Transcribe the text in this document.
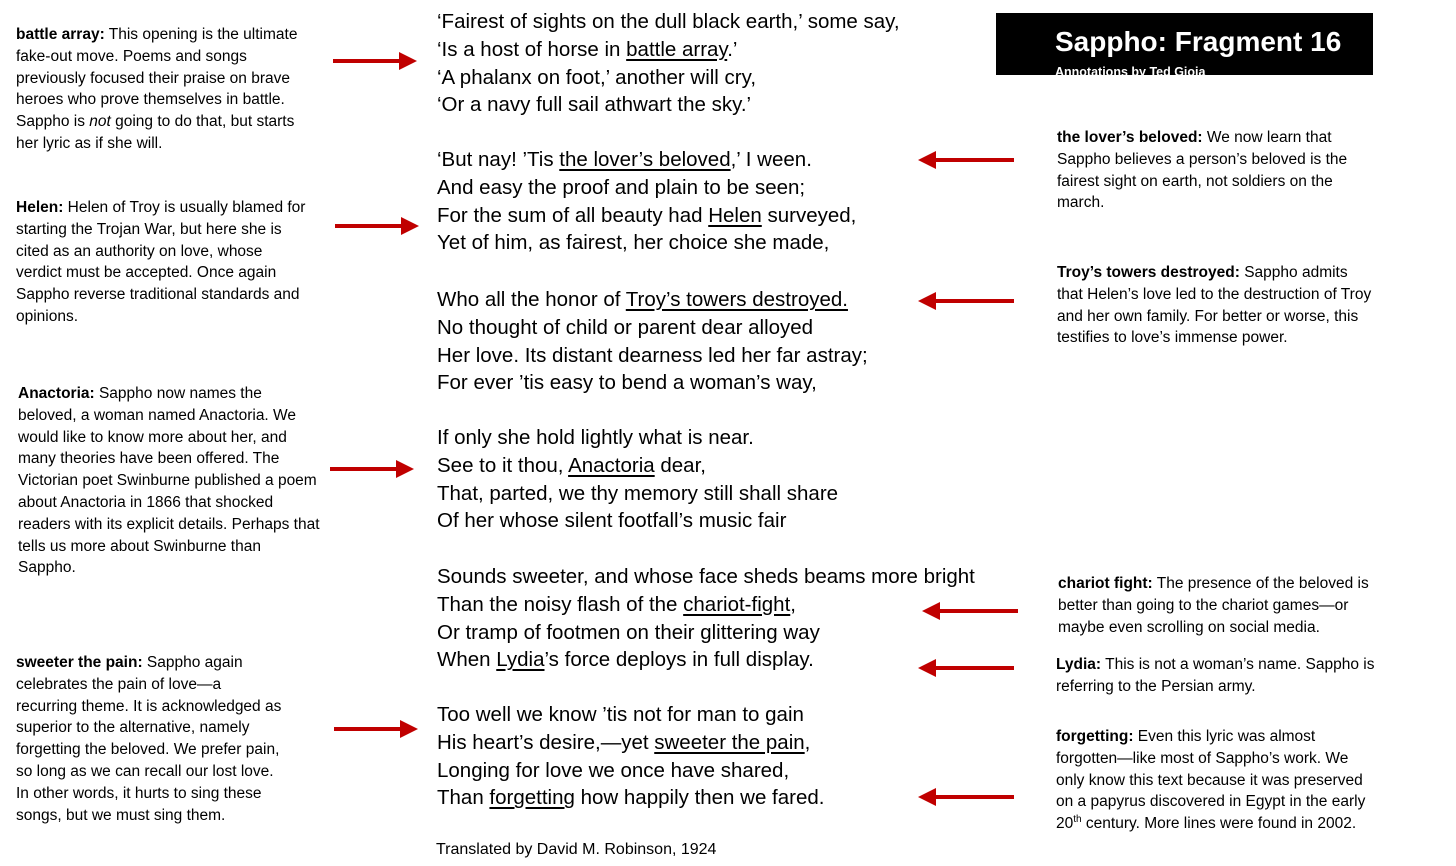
Sappho: Fragment 16
Annotations by Ted Gioia
‘Fairest of sights on the dull black earth,’ some say,
‘Is a host of horse in battle array.’
‘A phalanx on foot,’ another will cry,
‘Or a navy full sail athwart the sky.’
‘But nay! ’Tis the lover’s beloved,’ I ween.
And easy the proof and plain to be seen;
For the sum of all beauty had Helen surveyed,
Yet of him, as fairest, her choice she made,
Who all the honor of Troy’s towers destroyed.
No thought of child or parent dear alloyed
Her love. Its distant dearness led her far astray;
For ever ’tis easy to bend a woman’s way,
If only she hold lightly what is near.
See to it thou, Anactoria dear,
That, parted, we thy memory still shall share
Of her whose silent footfall’s music fair
Sounds sweeter, and whose face sheds beams more bright
Than the noisy flash of the chariot-fight,
Or tramp of footmen on their glittering way
When Lydia’s force deploys in full display.
Too well we know ’tis not for man to gain
His heart’s desire,—yet sweeter the pain,
Longing for love we once have shared,
Than forgetting how happily then we fared.
Translated by David M. Robinson, 1924
battle array: This opening is the ultimate fake-out move. Poems and songs previously focused their praise on brave heroes who prove themselves in battle. Sappho is not going to do that, but starts her lyric as if she will.
Helen: Helen of Troy is usually blamed for starting the Trojan War, but here she is cited as an authority on love, whose verdict must be accepted. Once again Sappho reverse traditional standards and opinions.
Anactoria: Sappho now names the beloved, a woman named Anactoria. We would like to know more about her, and many theories have been offered. The Victorian poet Swinburne published a poem about Anactoria in 1866 that shocked readers with its explicit details. Perhaps that tells us more about Swinburne than Sappho.
sweeter the pain: Sappho again celebrates the pain of love—a recurring theme. It is acknowledged as superior to the alternative, namely forgetting the beloved. We prefer pain, so long as we can recall our lost love. In other words, it hurts to sing these songs, but we must sing them.
the lover’s beloved: We now learn that Sappho believes a person’s beloved is the fairest sight on earth, not soldiers on the march.
Troy’s towers destroyed: Sappho admits that Helen’s love led to the destruction of Troy and her own family. For better or worse, this testifies to love’s immense power.
chariot fight: The presence of the beloved is better than going to the chariot games—or maybe even scrolling on social media.
Lydia: This is not a woman’s name. Sappho is referring to the Persian army.
forgetting: Even this lyric was almost forgotten—like most of Sappho’s work. We only know this text because it was preserved on a papyrus discovered in Egypt in the early 20th century. More lines were found in 2002.
